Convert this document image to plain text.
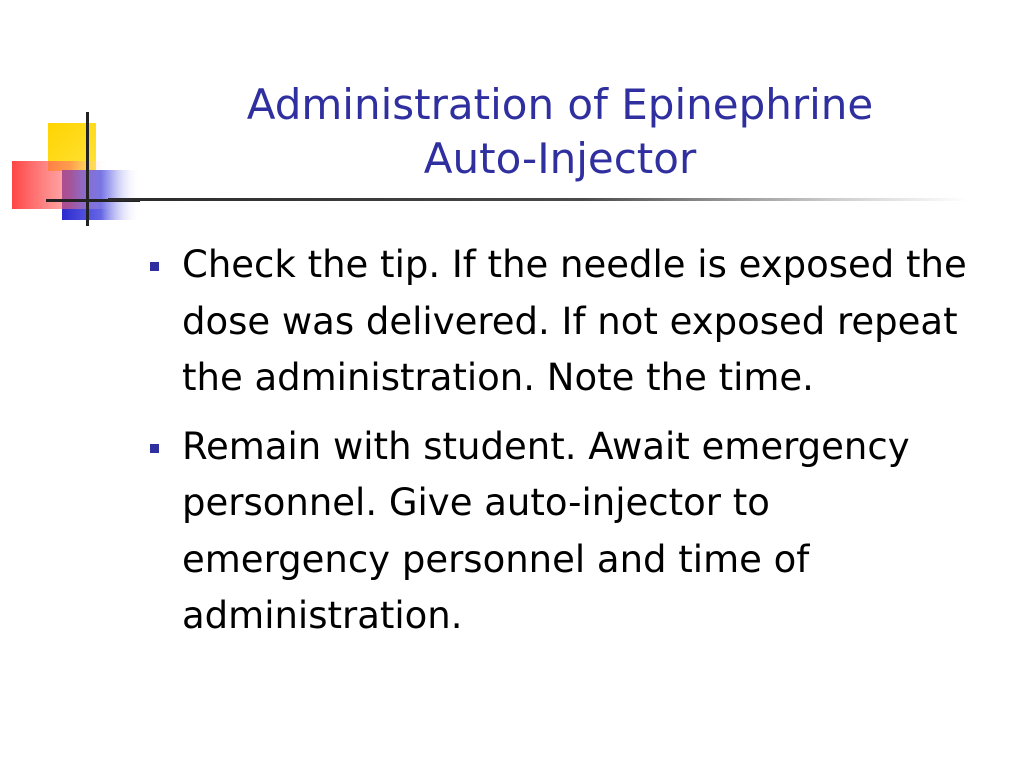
Administration of Epinephrine
Auto-Injector
Check the tip. If the needle is exposed the dose was delivered. If not exposed repeat the administration. Note the time.
Remain with student. Await emergency personnel. Give auto-injector to emergency personnel and time of administration.
